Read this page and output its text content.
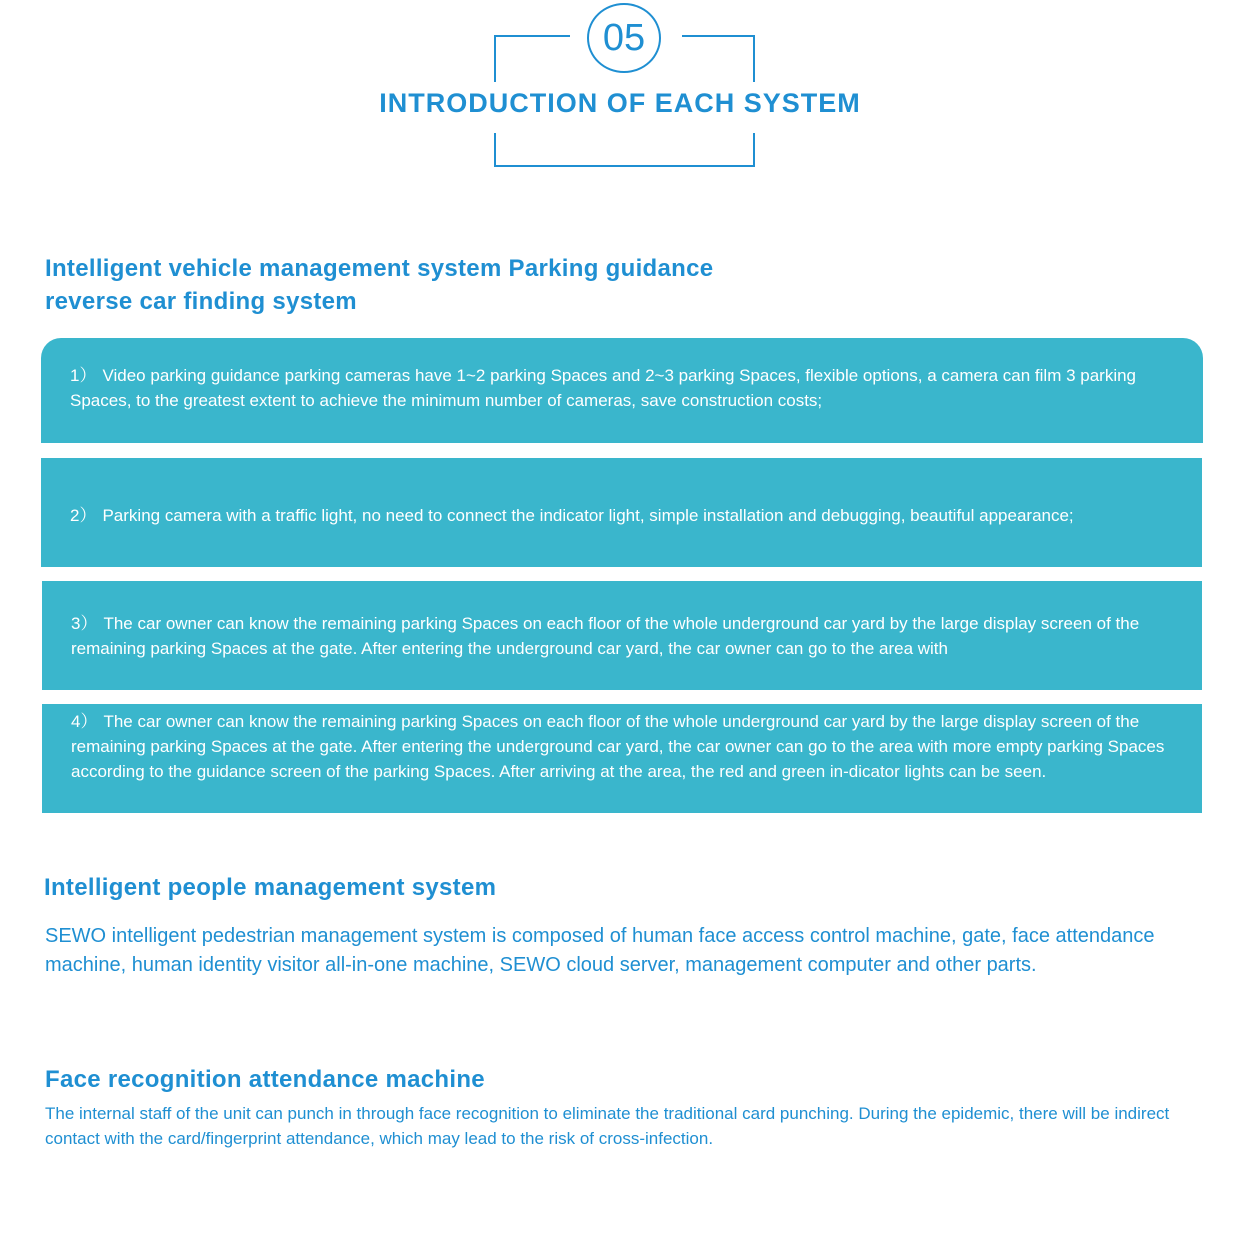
05
INTRODUCTION OF EACH SYSTEM
Intelligent vehicle management system Parking guidance
reverse car finding system
1） Video parking guidance parking cameras have 1~2 parking Spaces and 2~3 parking Spaces, flexible options, a camera can film 3 parking Spaces, to the greatest extent to achieve the minimum number of cameras, save construction costs;
2） Parking camera with a traffic light, no need to connect the indicator light, simple installation and debugging, beautiful appearance;
3） The car owner can know the remaining parking Spaces on each floor of the whole underground car yard by the large display screen of the remaining parking Spaces at the gate. After entering the underground car yard, the car owner can go to the area with
4） The car owner can know the remaining parking Spaces on each floor of the whole underground car yard by the large display screen of the remaining parking Spaces at the gate. After entering the underground car yard, the car owner can go to the area with more empty parking Spaces according to the guidance screen of the parking Spaces. After arriving at the area, the red and green in-dicator lights can be seen.
Intelligent people management system

SEWO intelligent pedestrian management system is composed of human face access control machine, gate, face attendance machine, human identity visitor all-in-one machine, SEWO cloud server, management computer and other parts.

Face recognition attendance machine

The internal staff of the unit can punch in through face recognition to eliminate the traditional card punching. During the epidemic, there will be indirect contact with the card/fingerprint attendance, which may lead to the risk of cross-infection.
